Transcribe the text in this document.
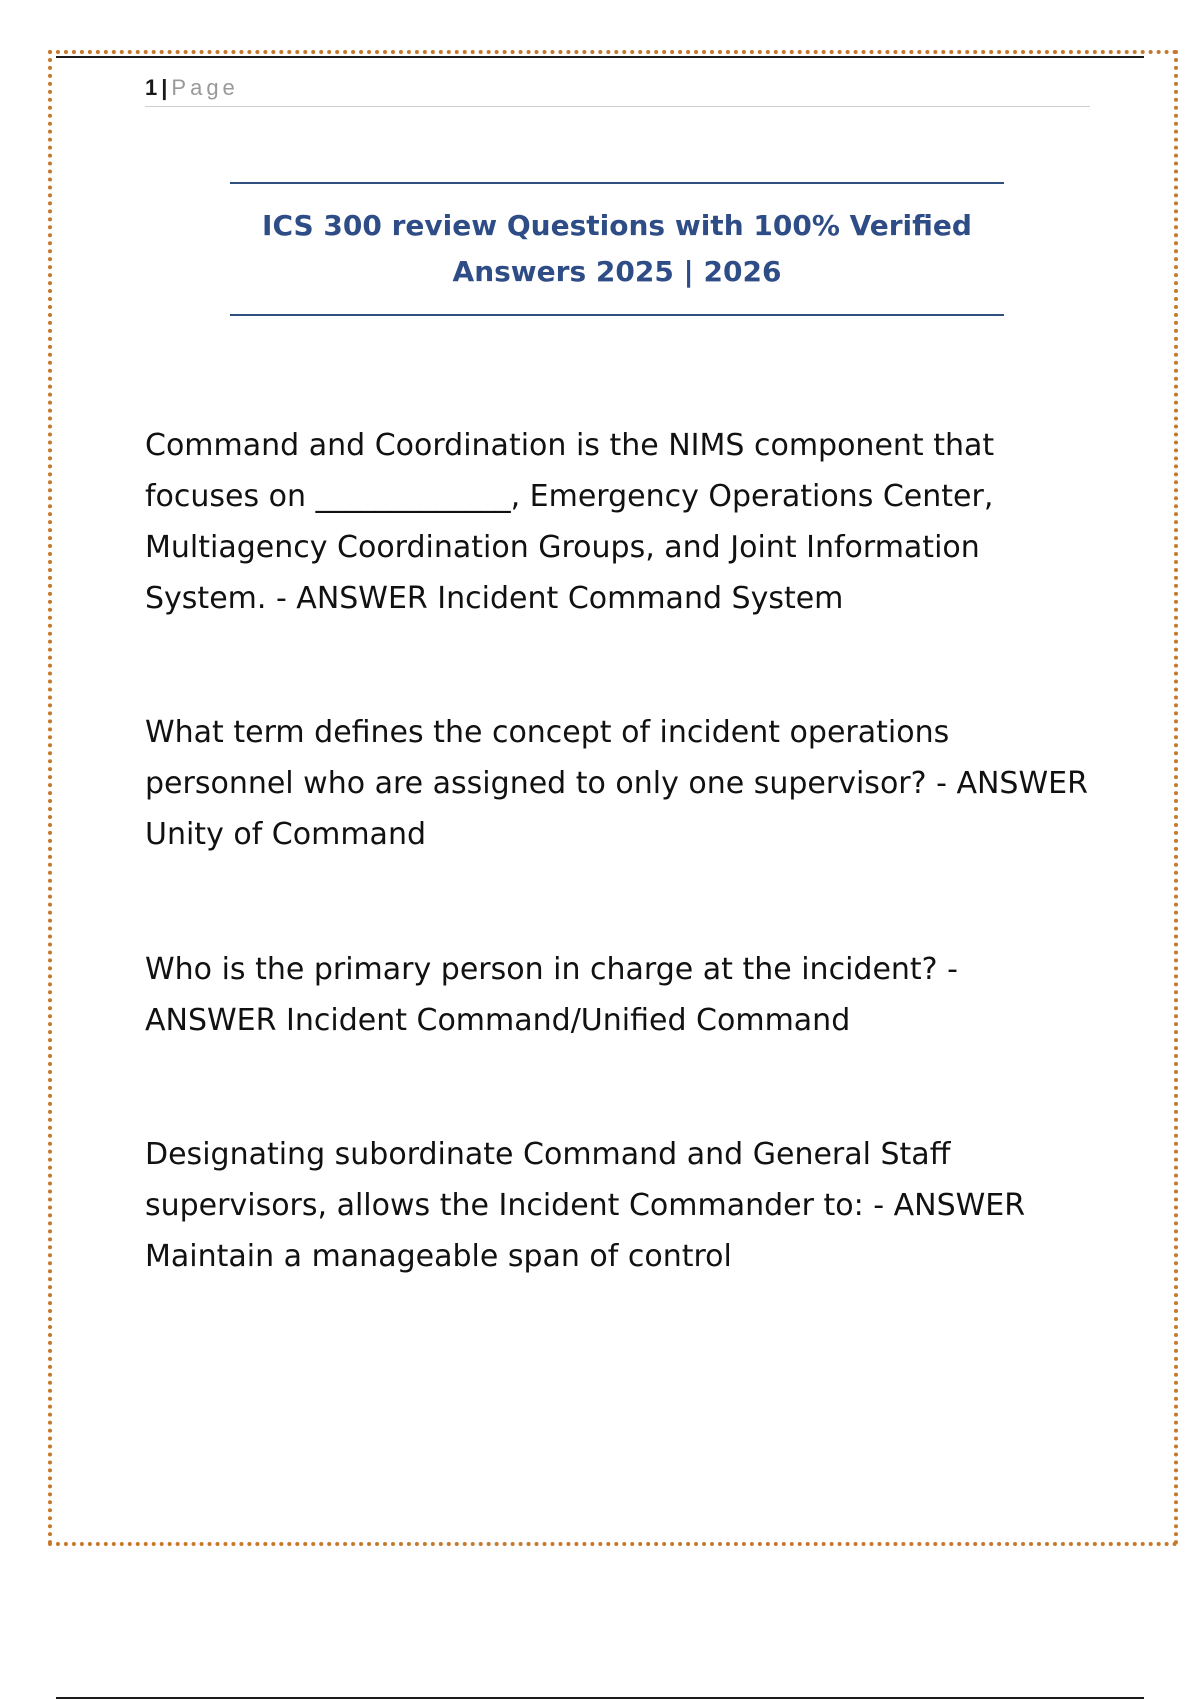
1 | Page
ICS 300 review Questions with 100% Verified Answers 2025 | 2026

Command and Coordination is the NIMS component that focuses on _____________, Emergency Operations Center, Multiagency Coordination Groups, and Joint Information System. - ANSWER Incident Command System

What term defines the concept of incident operations personnel who are assigned to only one supervisor? - ANSWER Unity of Command

Who is the primary person in charge at the incident? - ANSWER Incident Command/Unified Command

Designating subordinate Command and General Staff supervisors, allows the Incident Commander to: - ANSWER Maintain a manageable span of control
